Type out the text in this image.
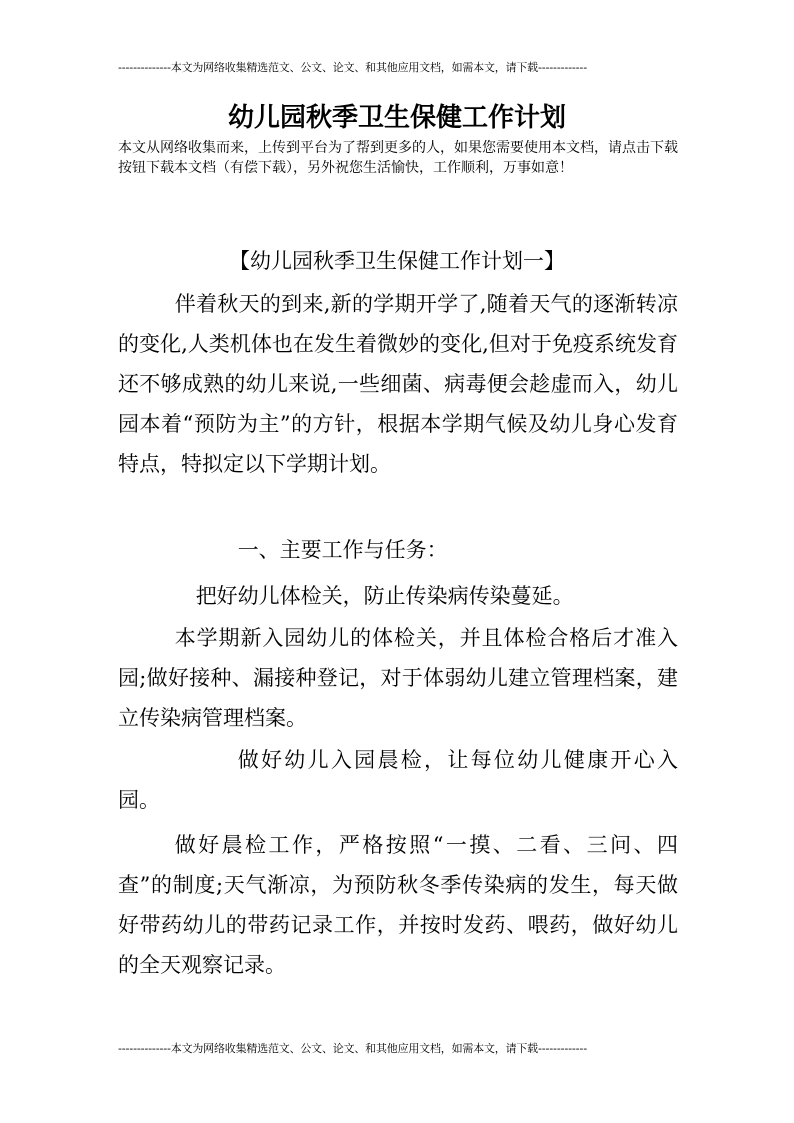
--------------本文为网络收集精选范文、公文、论文、和其他应用文档，如需本文，请下载-------------
幼儿园秋季卫生保健工作计划

本文从网络收集而来，上传到平台为了帮到更多的人，如果您需要使用本文档，请点击下载按钮下载本文档（有偿下载），另外祝您生活愉快，工作顺利，万事如意！

【幼儿园秋季卫生保健工作计划一】

伴着秋天的到来,新的学期开学了,随着天气的逐渐转凉的变化,人类机体也在发生着微妙的变化,但对于免疫系统发育还不够成熟的幼儿来说,一些细菌、病毒便会趁虚而入，幼儿园本着“预防为主”的方针，根据本学期气候及幼儿身心发育特点，特拟定以下学期计划。

一、主要工作与任务：

把好幼儿体检关，防止传染病传染蔓延。

本学期新入园幼儿的体检关，并且体检合格后才准入园;做好接种、漏接种登记，对于体弱幼儿建立管理档案，建立传染病管理档案。

做好幼儿入园晨检，让每位幼儿健康开心入园。

做好晨检工作，严格按照“一摸、二看、三问、四查”的制度;天气渐凉，为预防秋冬季传染病的发生，每天做好带药幼儿的带药记录工作，并按时发药、喂药，做好幼儿的全天观察记录。

--------------本文为网络收集精选范文、公文、论文、和其他应用文档，如需本文，请下载-------------
